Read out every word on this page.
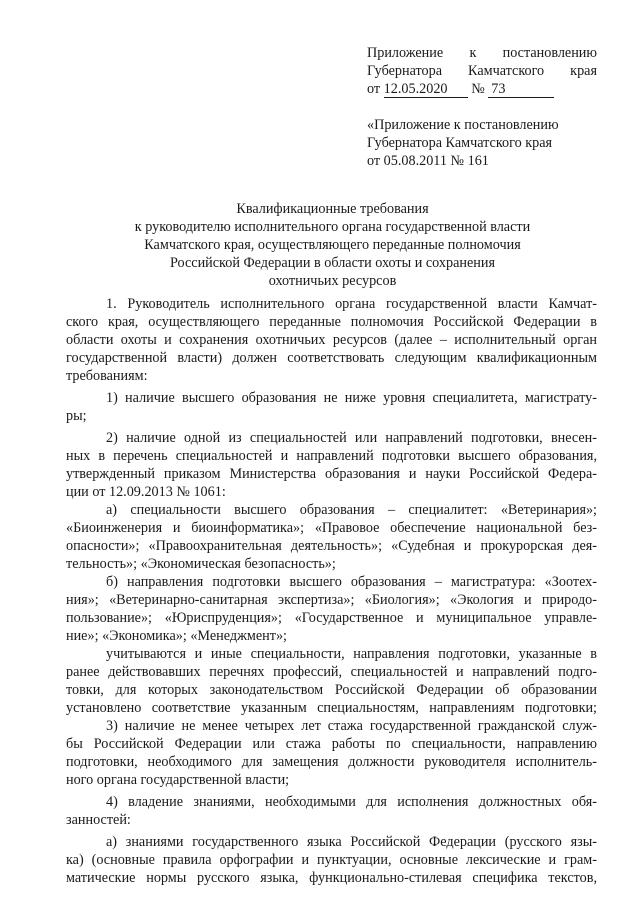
Приложение к постановлению
Губернатора Камчатского края
от 12.05.2020 № 73
«Приложение к постановлению
Губернатора Камчатского края
от 05.08.2011 № 161
Квалификационные требования
к руководителю исполнительного органа государственной власти
Камчатского края, осуществляющего переданные полномочия
Российской Федерации в области охоты и сохранения
охотничьих ресурсов
1. Руководитель исполнительного органа государственной власти Камчат-
ского края, осуществляющего переданные полномочия Российской Федерации в
области охоты и сохранения охотничьих ресурсов (далее – исполнительный орган
государственной власти) должен соответствовать следующим квалификационным
требованиям:
1) наличие высшего образования не ниже уровня специалитета, магистрату-
ры;
2) наличие одной из специальностей или направлений подготовки, внесен-
ных в перечень специальностей и направлений подготовки высшего образования,
утвержденный приказом Министерства образования и науки Российской Федера-
ции от 12.09.2013 № 1061:
а) специальности высшего образования – специалитет: «Ветеринария»;
«Биоинженерия и биоинформатика»; «Правовое обеспечение национальной без-
опасности»; «Правоохранительная деятельность»; «Судебная и прокурорская дея-
тельность»; «Экономическая безопасность»;
б) направления подготовки высшего образования – магистратура: «Зоотех-
ния»; «Ветеринарно-санитарная экспертиза»; «Биология»; «Экология и природо-
пользование»; «Юриспруденция»; «Государственное и муниципальное управле-
ние»; «Экономика»; «Менеджмент»;
учитываются и иные специальности, направления подготовки, указанные в
ранее действовавших перечнях профессий, специальностей и направлений подго-
товки, для которых законодательством Российской Федерации об образовании
установлено соответствие указанным специальностям, направлениям подготовки;
3) наличие не менее четырех лет стажа государственной гражданской служ-
бы Российской Федерации или стажа работы по специальности, направлению
подготовки, необходимого для замещения должности руководителя исполнитель-
ного органа государственной власти;
4) владение знаниями, необходимыми для исполнения должностных обя-
занностей:
а) знаниями государственного языка Российской Федерации (русского язы-
ка) (основные правила орфографии и пунктуации, основные лексические и грам-
матические нормы русского языка, функционально-стилевая специфика текстов,
